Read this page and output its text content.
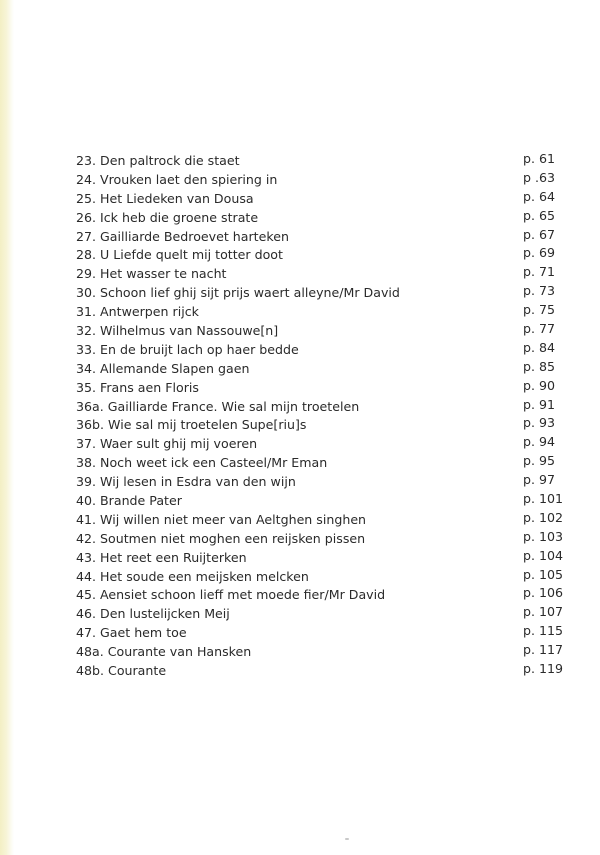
23. Den paltrock die staet	p. 61
24. Vrouken laet den spiering in	p .63
25. Het Liedeken van Dousa	p. 64
26. Ick heb die groene strate	p. 65
27. Gailliarde Bedroevet harteken	p. 67
28. U Liefde quelt mij totter doot	p. 69
29. Het wasser te nacht	p. 71
30. Schoon lief ghij sijt prijs waert alleyne/Mr David	p. 73
31. Antwerpen rijck	p. 75
32. Wilhelmus van Nassouwe[n]	p. 77
33. En de bruijt lach op haer bedde	p. 84
34. Allemande Slapen gaen	p. 85
35. Frans aen Floris	p. 90
36a. Gailliarde France. Wie sal mijn troetelen	p. 91
36b. Wie sal mij troetelen Supe[riu]s	p. 93
37. Waer sult ghij mij voeren	p. 94
38. Noch weet ick een Casteel/Mr Eman	p. 95
39. Wij lesen in Esdra van den wijn	p. 97
40. Brande Pater	p. 101
41. Wij willen niet meer van Aeltghen singhen	p. 102
42. Soutmen niet moghen een reijsken pissen	p. 103
43. Het reet een Ruijterken	p. 104
44. Het soude een meijsken melcken	p. 105
45. Aensiet schoon lieff met moede fier/Mr David	p. 106
46. Den lustelijcken Meij	p. 107
47. Gaet hem toe	p. 115
48a. Courante van Hansken	p. 117
48b. Courante	p. 119
